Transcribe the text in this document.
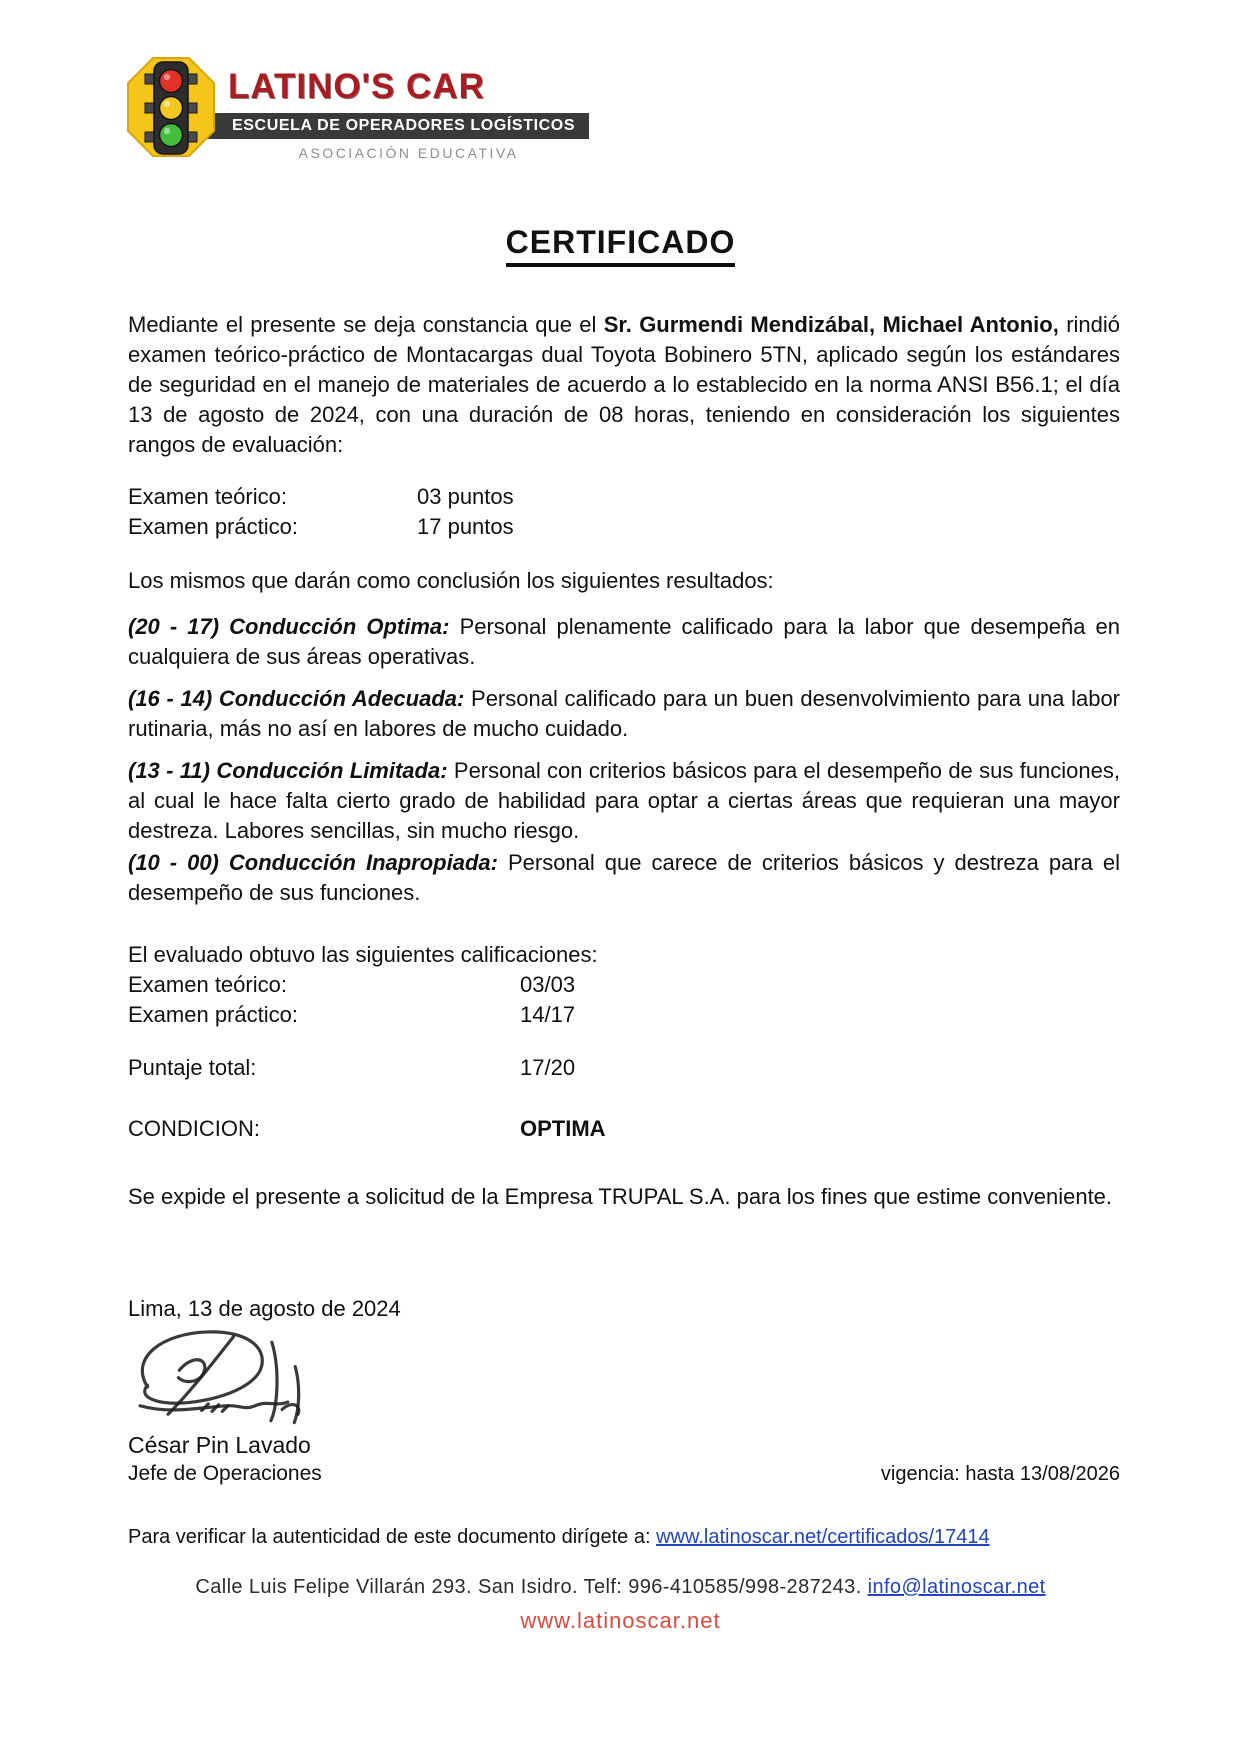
LATINO'S CAR
ESCUELA DE OPERADORES LOGÍSTICOS
ASOCIACIÓN EDUCATIVA
CERTIFICADO

Mediante el presente se deja constancia que el Sr. Gurmendi Mendizábal, Michael Antonio, rindió examen teórico-práctico de Montacargas dual Toyota Bobinero 5TN, aplicado según los estándares de seguridad en el manejo de materiales de acuerdo a lo establecido en la norma ANSI B56.1; el día 13 de agosto de 2024, con una duración de 08 horas, teniendo en consideración los siguientes rangos de evaluación:

Examen teórico:	03 puntos
Examen práctico:	17 puntos
Los mismos que darán como conclusión los siguientes resultados:

(20 - 17) Conducción Optima: Personal plenamente calificado para la labor que desempeña en cualquiera de sus áreas operativas.

(16 - 14) Conducción Adecuada: Personal calificado para un buen desenvolvimiento para una labor rutinaria, más no así en labores de mucho cuidado.

(13 - 11) Conducción Limitada: Personal con criterios básicos para el desempeño de sus funciones, al cual le hace falta cierto grado de habilidad para optar a ciertas áreas que requieran una mayor destreza. Labores sencillas, sin mucho riesgo.

(10 - 00) Conducción Inapropiada: Personal que carece de criterios básicos y destreza para el desempeño de sus funciones.

El evaluado obtuvo las siguientes calificaciones:
Examen teórico:	03/03
Examen práctico:	14/17
Puntaje total:	17/20
CONDICION:	OPTIMA

Se expide el presente a solicitud de la Empresa TRUPAL S.A. para los fines que estime conveniente.

Lima, 13 de agosto de 2024
César Pin Lavado
Jefe de Operaciones	vigencia: hasta 13/08/2026
Para verificar la autenticidad de este documento dirígete a: www.latinoscar.net/certificados/17414
Calle Luis Felipe Villarán 293. San Isidro. Telf: 996-410585/998-287243. info@latinoscar.net
www.latinoscar.net
